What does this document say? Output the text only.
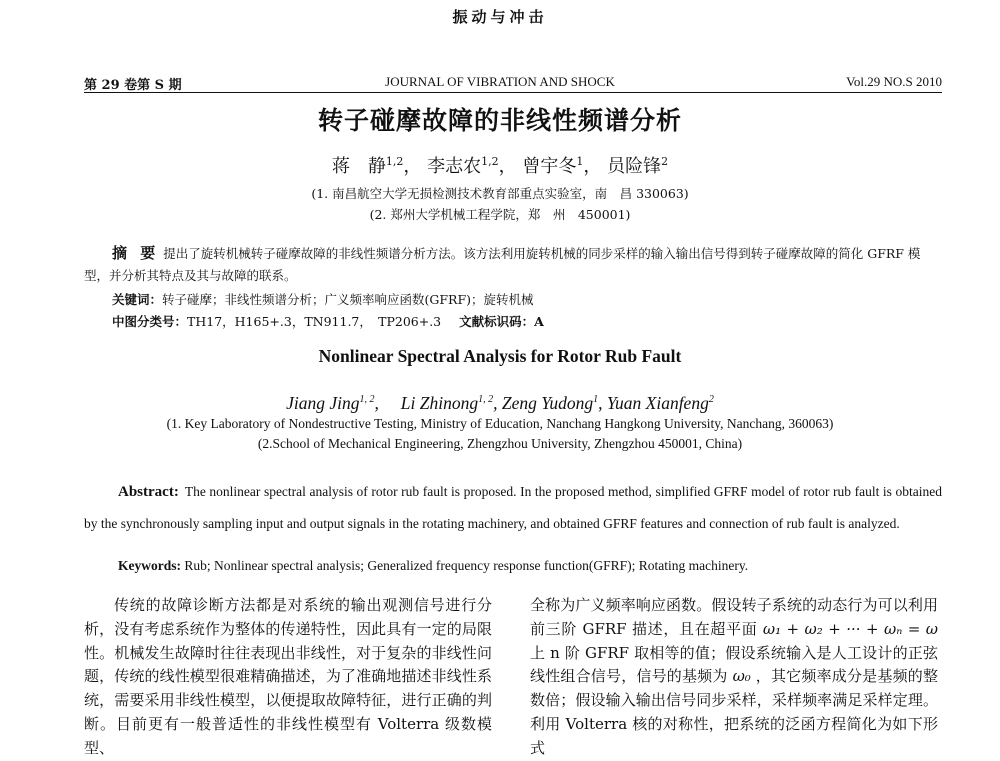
振动与冲击
第 29 卷第 S 期	JOURNAL OF VIBRATION AND SHOCK	Vol.29 NO.S 2010
转子碰摩故障的非线性频谱分析
蒋　静$^{1,2}$， 李志农$^{1,2}$， 曾宇冬$^1$， 员险锋$^2$
(1. 南昌航空大学无损检测技术教育部重点实验室，南　昌 330063)
(2. 郑州大学机械工程学院，郑　州　450001)
摘 要 提出了旋转机械转子碰摩故障的非线性频谱分析方法。该方法利用旋转机械的同步采样的输入输出信号得到转子碰摩故障的简化 GFRF 模型，并分析其特点及其与故障的联系。
关键词：转子碰摩；非线性频谱分析；广义频率响应函数(GFRF)；旋转机械
中图分类号：TH17，H165+.3，TN911.7，　TP206+.3 文献标识码：A
Nonlinear Spectral Analysis for Rotor Rub Fault
Jiang Jing$^{1, 2}$,　 Li Zhinong$^{1, 2}$, Zeng Yudong$^1$, Yuan Xianfeng$^2$
(1. Key Laboratory of Nondestructive Testing, Ministry of Education, Nanchang Hangkong University, Nanchang, 360063)
(2.School of Mechanical Engineering, Zhengzhou University, Zhengzhou 450001, China)
Abstract: The nonlinear spectral analysis of rotor rub fault is proposed. In the proposed method, simplified GFRF model of rotor rub fault is obtained by the synchronously sampling input and output signals in the rotating machinery, and obtained GFRF features and connection of rub fault is analyzed.
Keywords: Rub; Nonlinear spectral analysis; Generalized frequency response function(GFRF); Rotating machinery.
传统的故障诊断方法都是对系统的输出观测信号进行分析，没有考虑系统作为整体的传递特性，因此具有一定的局限性。机械发生故障时往往表现出非线性，对于复杂的非线性问题，传统的线性模型很难精确描述，为了准确地描述非线性系统，需要采用非线性模型，以便提取故障特征，进行正确的判断。目前更有一般普适性的非线性模型有 Volterra 级数模型、
全称为广义频率响应函数。假设转子系统的动态行为可以利用前三阶 GFRF 描述，且在超平面 ω₁ + ω₂ + ··· + ωₙ = ω 上 n 阶 GFRF 取相等的值；假设系统输入是人工设计的正弦线性组合信号，信号的基频为 ω₀ ，其它频率成分是基频的整数倍；假设输入输出信号同步采样，采样频率满足采样定理。利用 Volterra 核的对称性，把系统的泛函方程简化为如下形式
